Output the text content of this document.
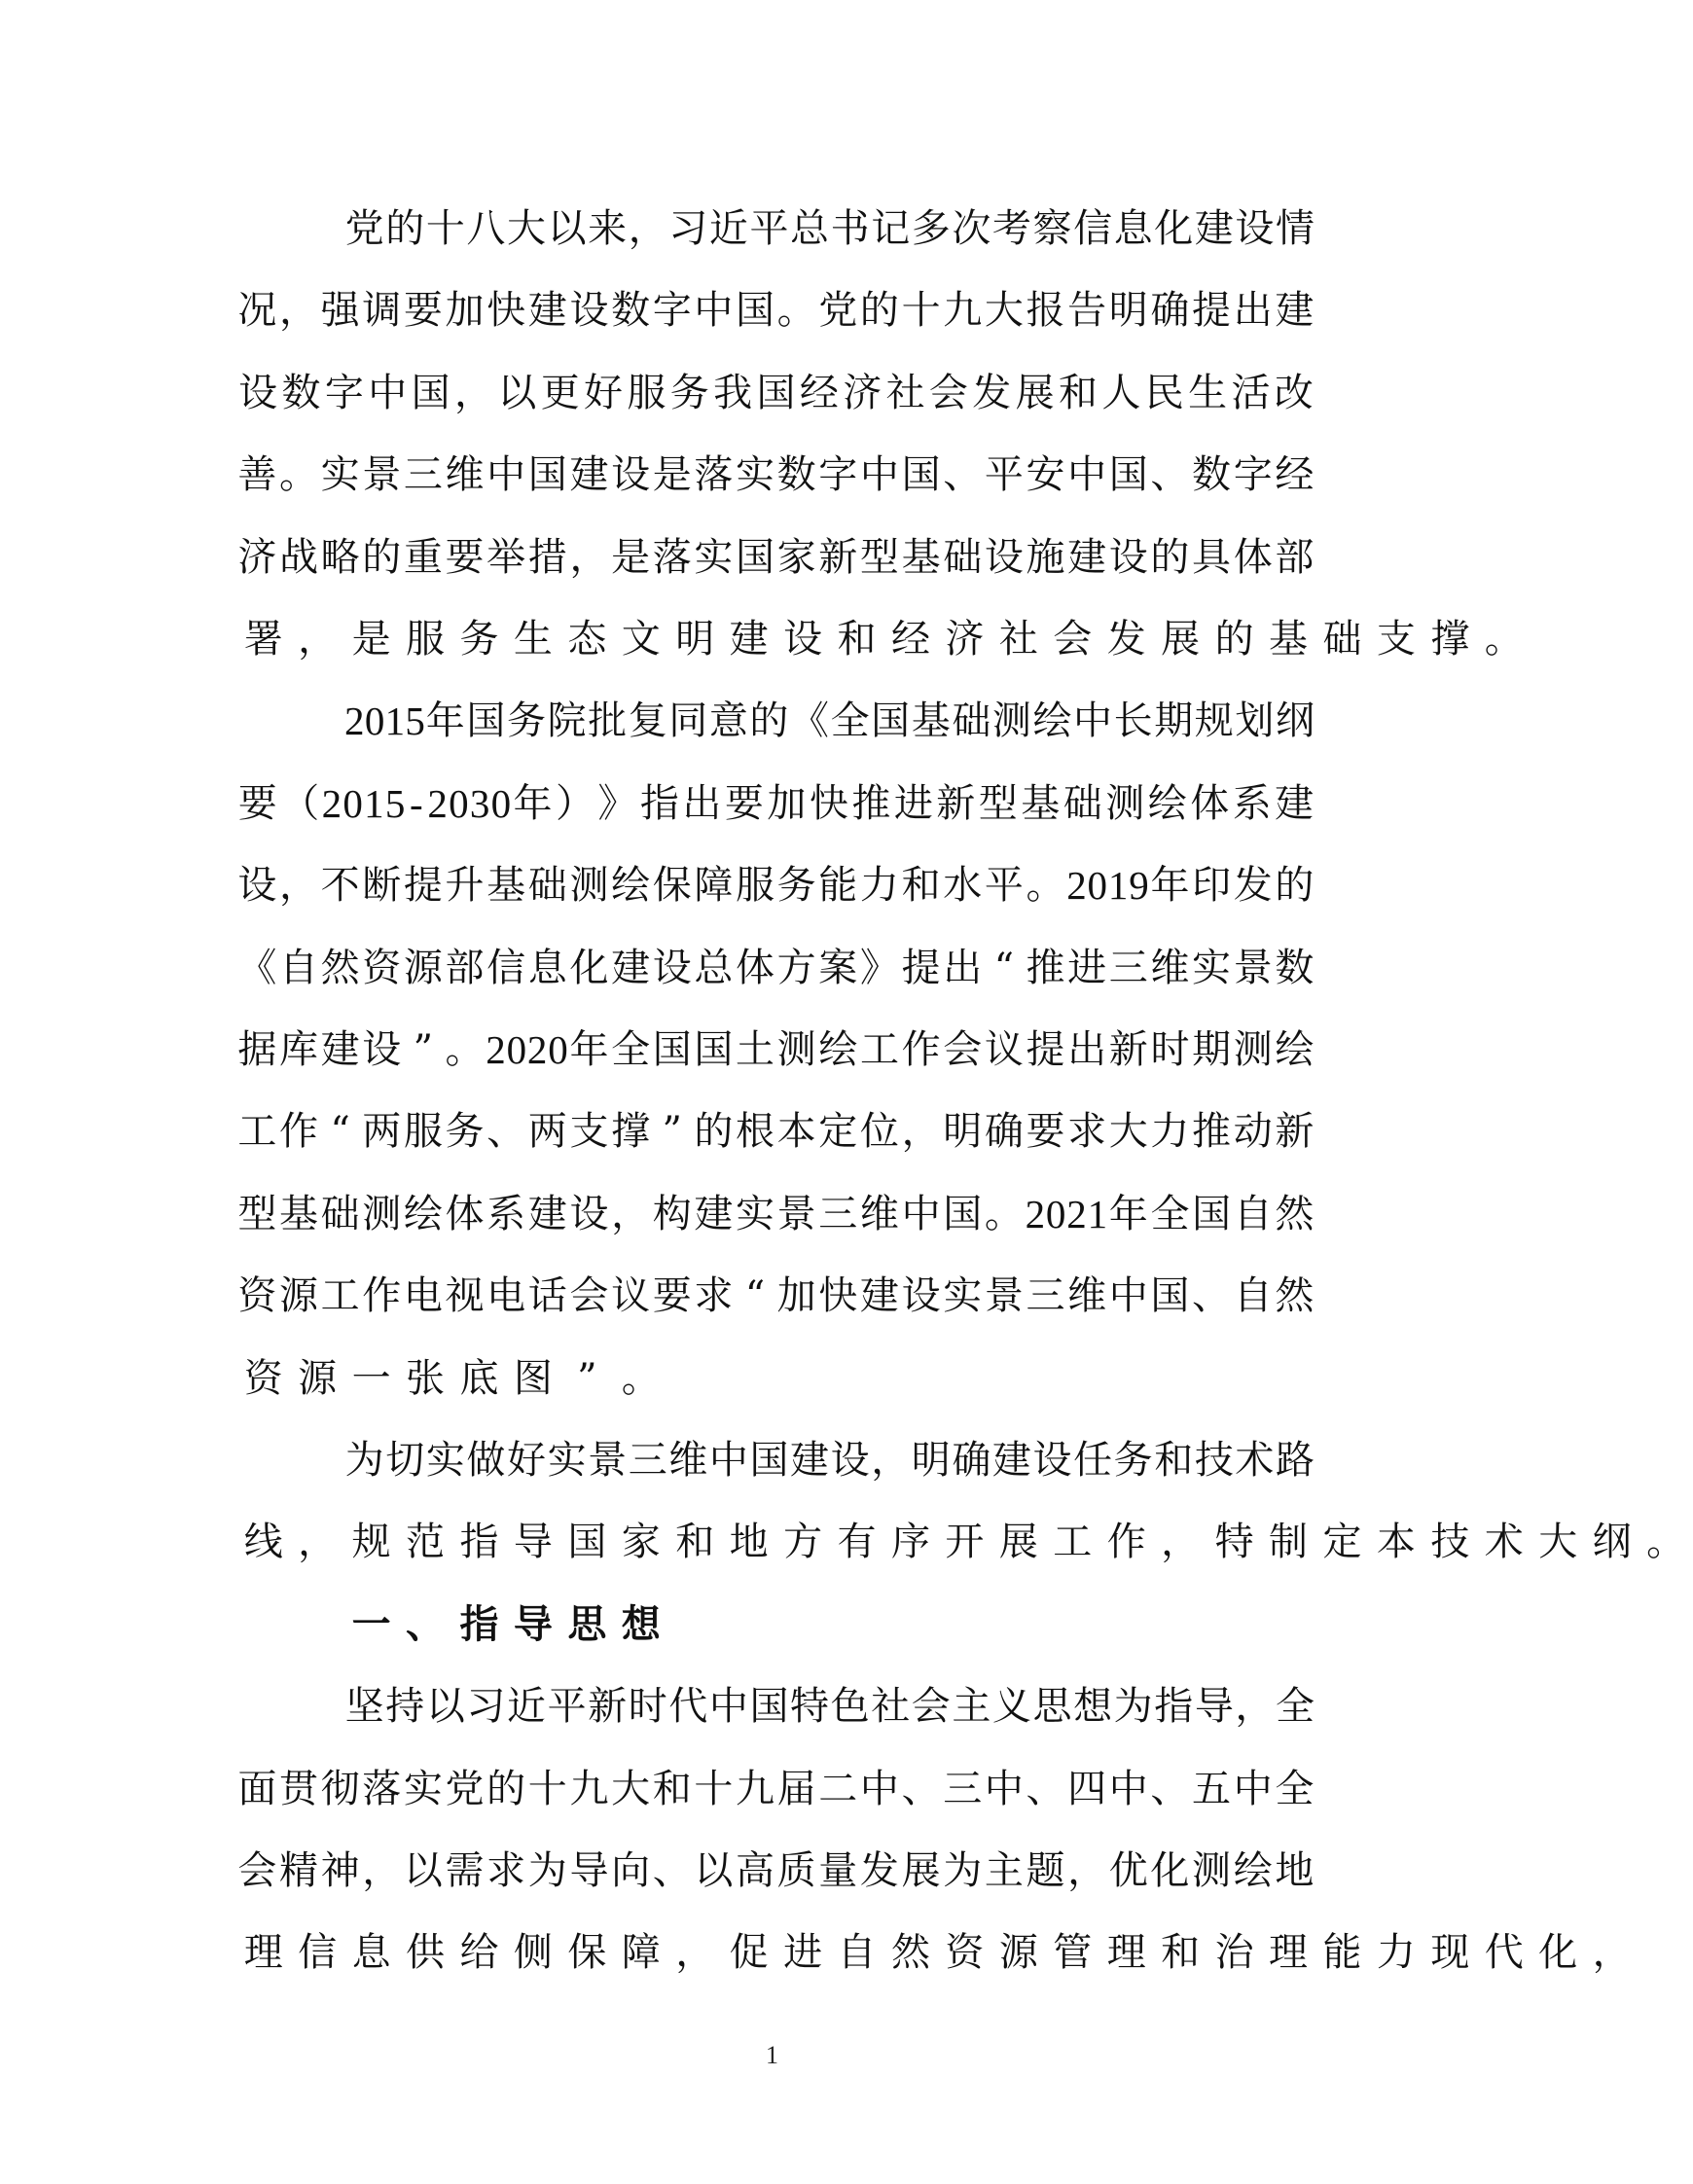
党 的 十 八 大 以 来 ， 习 近 平 总 书 记 多 次 考 察 信 息 化 建 设 情
况 ， 强 调 要 加 快 建 设 数 字 中 国 。 党 的 十 九 大 报 告 明 确 提 出 建
设 数 字 中 国 ， 以 更 好 服 务 我 国 经 济 社 会 发 展 和 人 民 生 活 改
善 。 实 景 三 维 中 国 建 设 是 落 实 数 字 中 国 、 平 安 中 国 、 数 字 经
济 战 略 的 重 要 举 措 ， 是 落 实 国 家 新 型 基 础 设 施 建 设 的 具 体 部
署 ， 是 服 务 生 态 文 明 建 设 和 经 济 社 会 发 展 的 基 础 支 撑 。
2 0 1 5 年 国 务 院 批 复 同 意 的 《 全 国 基 础 测 绘 中 长 期 规 划 纲
要 （ 2 0 1 5 - 2 0 3 0 年 ） 》 指 出 要 加 快 推 进 新 型 基 础 测 绘 体 系 建
设 ， 不 断 提 升 基 础 测 绘 保 障 服 务 能 力 和 水 平 。 2 0 1 9 年 印 发 的
《 自 然 资 源 部 信 息 化 建 设 总 体 方 案 》 提 出 “ 推 进 三 维 实 景 数
据 库 建 设 ” 。 2 0 2 0 年 全 国 国 土 测 绘 工 作 会 议 提 出 新 时 期 测 绘
工 作 “ 两 服 务 、 两 支 撑 ” 的 根 本 定 位 ， 明 确 要 求 大 力 推 动 新
型 基 础 测 绘 体 系 建 设 ， 构 建 实 景 三 维 中 国 。 2 0 2 1 年 全 国 自 然
资 源 工 作 电 视 电 话 会 议 要 求 “ 加 快 建 设 实 景 三 维 中 国 、 自 然
资 源 一 张 底 图 ” 。
为 切 实 做 好 实 景 三 维 中 国 建 设 ， 明 确 建 设 任 务 和 技 术 路
线 ， 规 范 指 导 国 家 和 地 方 有 序 开 展 工 作 ， 特 制 定 本 技 术 大 纲 。
一 、 指 导 思 想
坚 持 以 习 近 平 新 时 代 中 国 特 色 社 会 主 义 思 想 为 指 导 ， 全
面 贯 彻 落 实 党 的 十 九 大 和 十 九 届 二 中 、 三 中 、 四 中 、 五 中 全
会 精 神 ， 以 需 求 为 导 向 、 以 高 质 量 发 展 为 主 题 ， 优 化 测 绘 地
理 信 息 供 给 侧 保 障 ， 促 进 自 然 资 源 管 理 和 治 理 能 力 现 代 化 ，
1
